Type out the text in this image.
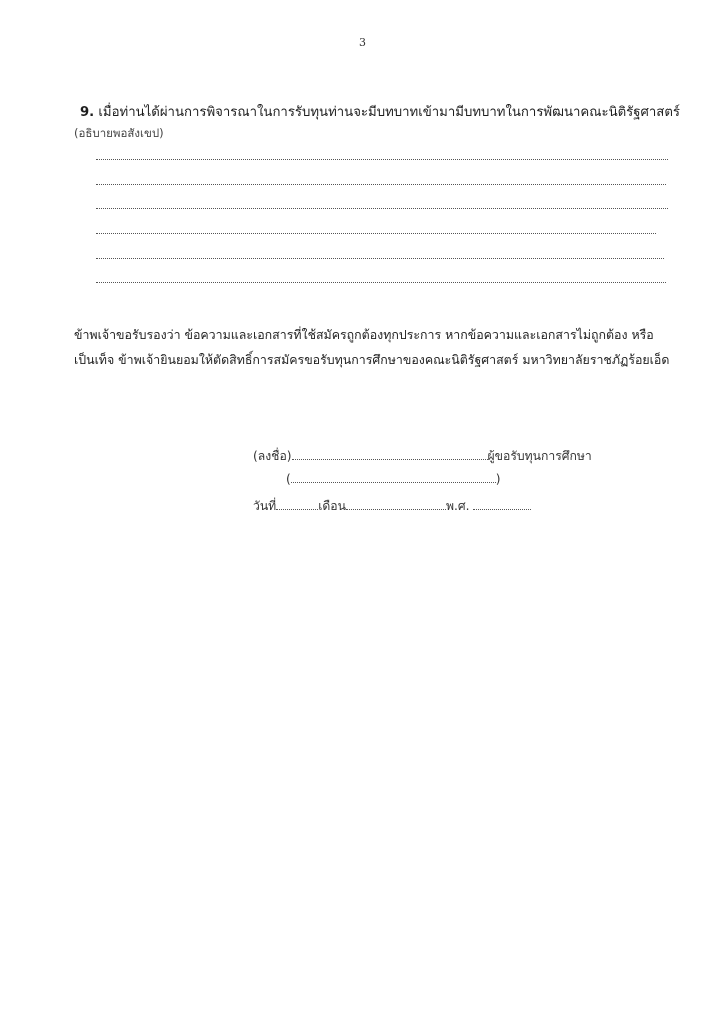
3
9. เมื่อท่านได้ผ่านการพิจารณาในการรับทุนท่านจะมีบทบาทเข้ามามีบทบาทในการพัฒนาคณะนิติรัฐศาสตร์
(อธิบายพอสังเขป)
ข้าพเจ้าขอรับรองว่า ข้อความและเอกสารที่ใช้สมัครถูกต้องทุกประการ หากข้อความและเอกสารไม่ถูกต้อง หรือ
เป็นเท็จ ข้าพเจ้ายินยอมให้ตัดสิทธิ์การสมัครขอรับทุนการศึกษาของคณะนิติรัฐศาสตร์ มหาวิทยาลัยราชภัฏร้อยเอ็ด
(ลงชื่อ)	ผู้ขอรับทุนการศึกษา
(	)
วันที่	เดือน	พ.ศ.
